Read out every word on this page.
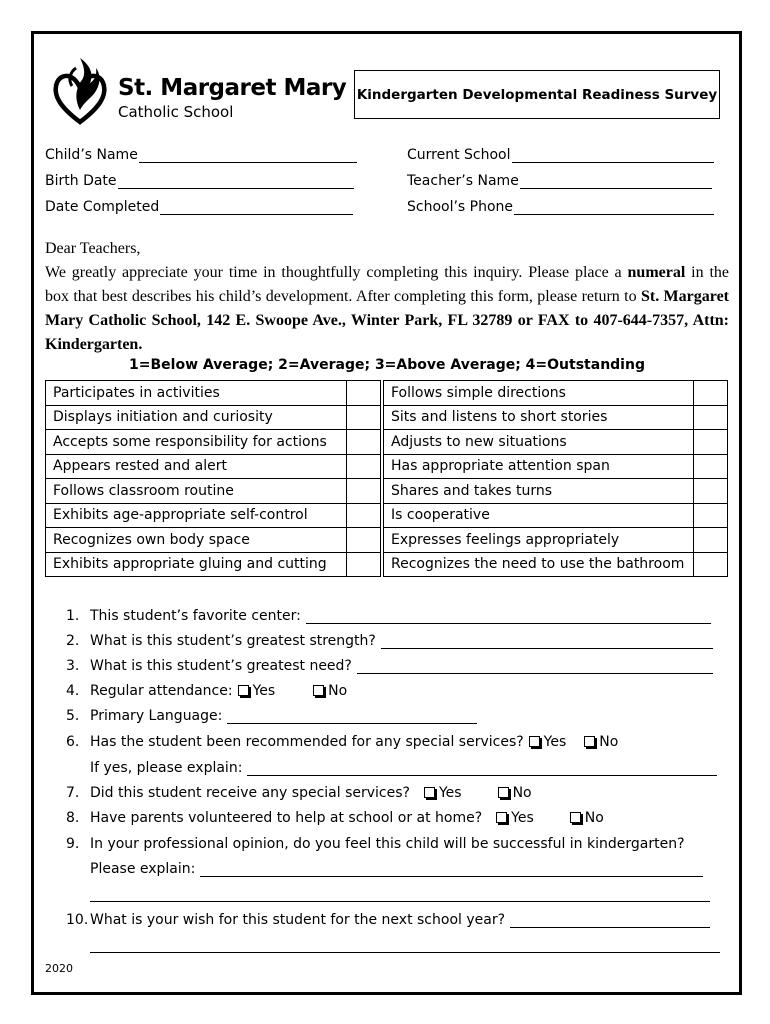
St. Margaret Mary
Catholic School
Kindergarten Developmental Readiness Survey
Child’s Name
Birth Date
Date Completed
Current School
Teacher’s Name
School’s Phone

Dear Teachers,

We greatly appreciate your time in thoughtfully completing this inquiry. Please place a numeral in the box that best describes his child’s development. After completing this form, please return to St. Margaret Mary Catholic School, 142 E. Swoope Ave., Winter Park, FL 32789 or FAX to 407-644-7357, Attn: Kindergarten.

1=Below Average; 2=Average; 3=Above Average; 4=Outstanding
Participates in activities			Follows simple directions	
Displays initiation and curiosity			Sits and listens to short stories	
Accepts some responsibility for actions			Adjusts to new situations	
Appears rested and alert			Has appropriate attention span	
Follows classroom routine			Shares and takes turns	
Exhibits age-appropriate self-control			Is cooperative	
Recognizes own body space			Expresses feelings appropriately	
Exhibits appropriate gluing and cutting			Recognizes the need to use the bathroom	
1. This student’s favorite center:
2. What is this student’s greatest strength?
3. What is this student’s greatest need?
4. Regular attendance:	Yes	No
5. Primary Language:
6. Has the student been recommended for any special services?	Yes	No
If yes, please explain:
7. Did this student receive any special services?	Yes	No
8. Have parents volunteered to help at school or at home?	Yes	No
9. In your professional opinion, do you feel this child will be successful in kindergarten?
Please explain:
10. What is your wish for this student for the next school year?
2020
